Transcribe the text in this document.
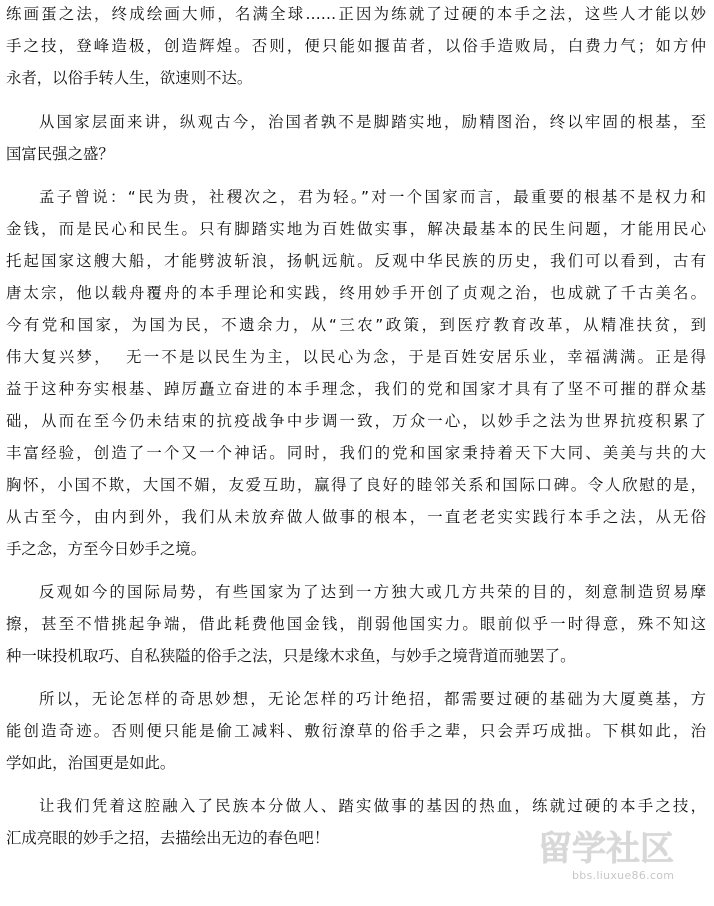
练画蛋之法，终成绘画大师，名满全球……正因为练就了过硬的本手之法，这些人才能以妙
手之技，登峰造极，创造辉煌。否则，便只能如揠苗者，以俗手造败局，白费力气；如方仲
永者，以俗手转人生，欲速则不达。
从国家层面来讲，纵观古今，治国者孰不是脚踏实地，励精图治，终以牢固的根基，至
国富民强之盛？
孟子曾说：“民为贵，社稷次之，君为轻。”对一个国家而言，最重要的根基不是权力和
金钱，而是民心和民生。只有脚踏实地为百姓做实事，解决最基本的民生问题，才能用民心
托起国家这艘大船，才能劈波斩浪，扬帆远航。反观中华民族的历史，我们可以看到，古有
唐太宗，他以载舟覆舟的本手理论和实践，终用妙手开创了贞观之治，也成就了千古美名。
今有党和国家，为国为民，不遗余力，从“三农”政策，到医疗教育改革，从精准扶贫，到
伟大复兴梦，  无一不是以民生为主，以民心为念，于是百姓安居乐业，幸福满满。正是得
益于这种夯实根基、踔厉矗立奋进的本手理念，我们的党和国家才具有了坚不可摧的群众基
础，从而在至今仍未结束的抗疫战争中步调一致，万众一心，以妙手之法为世界抗疫积累了
丰富经验，创造了一个又一个神话。同时，我们的党和国家秉持着天下大同、美美与共的大
胸怀，小国不欺，大国不媚，友爱互助，赢得了良好的睦邻关系和国际口碑。令人欣慰的是，
从古至今，由内到外，我们从未放弃做人做事的根本，一直老老实实践行本手之法，从无俗
手之念，方至今日妙手之境。
反观如今的国际局势，有些国家为了达到一方独大或几方共荣的目的，刻意制造贸易摩
擦，甚至不惜挑起争端，借此耗费他国金钱，削弱他国实力。眼前似乎一时得意，殊不知这
种一味投机取巧、自私狭隘的俗手之法，只是缘木求鱼，与妙手之境背道而驰罢了。
所以，无论怎样的奇思妙想，无论怎样的巧计绝招，都需要过硬的基础为大厦奠基，方
能创造奇迹。否则便只能是偷工减料、敷衍潦草的俗手之辈，只会弄巧成拙。下棋如此，治
学如此，治国更是如此。
让我们凭着这腔融入了民族本分做人、踏实做事的基因的热血，练就过硬的本手之技，
汇成亮眼的妙手之招，去描绘出无边的春色吧！	留学社区
bbs.liuxue86.com
